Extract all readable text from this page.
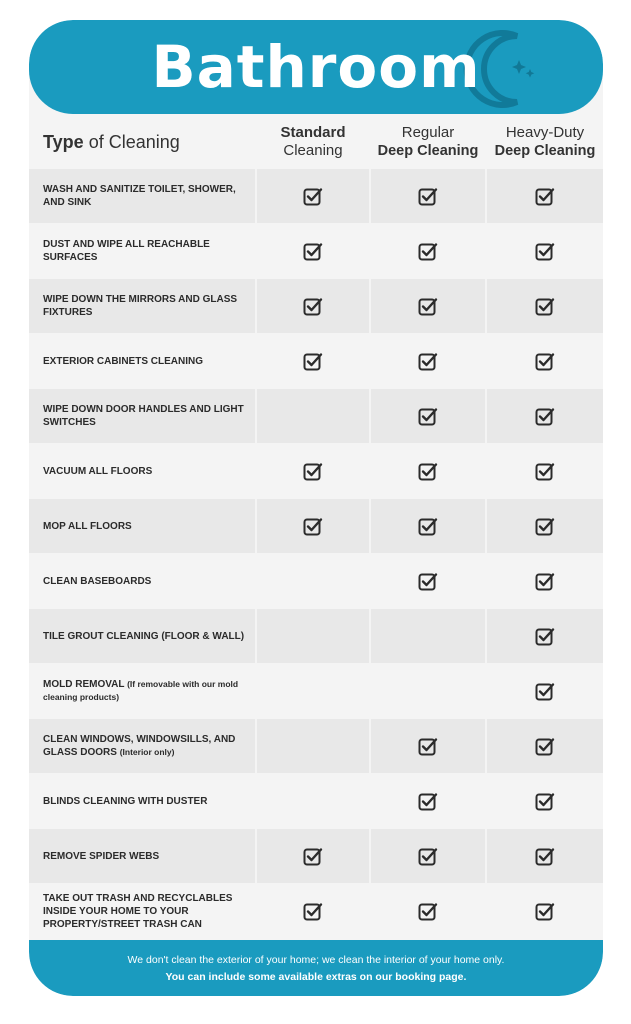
Bathroom
Type of Cleaning	Standard
Cleaning
Regular
Deep Cleaning
Heavy-Duty
Deep Cleaning
WASH AND SANITIZE TOILET, SHOWER, AND SINK
DUST AND WIPE ALL REACHABLE SURFACES
WIPE DOWN THE MIRRORS AND GLASS FIXTURES
EXTERIOR CABINETS CLEANING
WIPE DOWN DOOR HANDLES AND LIGHT SWITCHES
VACUUM ALL FLOORS
MOP ALL FLOORS
CLEAN BASEBOARDS
TILE GROUT CLEANING (FLOOR & WALL)
MOLD REMOVAL (If removable with our mold cleaning products)
CLEAN WINDOWS, WINDOWSILLS, AND GLASS DOORS (Interior only)
BLINDS CLEANING WITH DUSTER
REMOVE SPIDER WEBS
TAKE OUT TRASH AND RECYCLABLES INSIDE YOUR HOME TO YOUR PROPERTY/STREET TRASH CAN
We don't clean the exterior of your home; we clean the interior of your home only.
You can include some available extras on our booking page.
